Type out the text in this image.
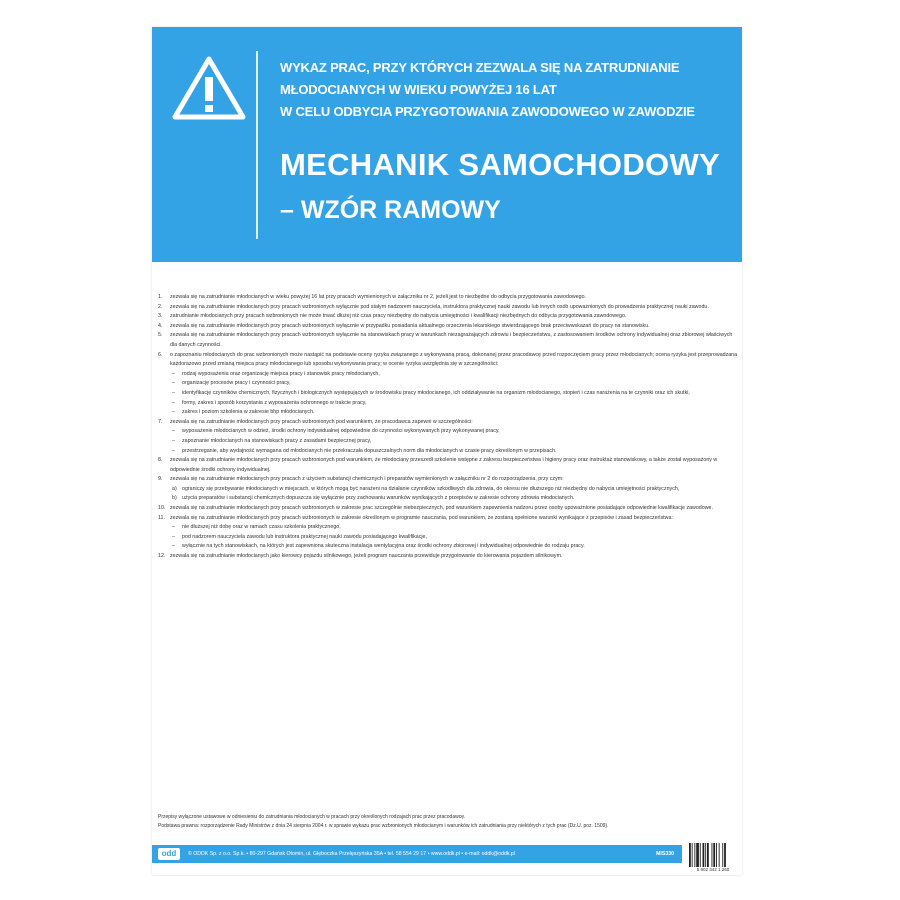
WYKAZ PRAC, PRZY KTÓRYCH ZEZWALA SIĘ NA ZATRUDNIANIE
MŁODOCIANYCH W WIEKU POWYŻEJ 16 LAT
W CELU ODBYCIA PRZYGOTOWANIA ZAWODOWEGO W ZAWODZIE
MECHANIK SAMOCHODOWY
– WZÓR RAMOWY
1. zezwala się na zatrudnianie młodocianych w wieku powyżej 16 lat przy pracach wymienionych w załączniku nr 2, jeżeli jest to niezbędne do odbycia przygotowania zawodowego.
2. zezwala się na zatrudnianie młodocianych przy pracach wzbronionych wyłącznie pod stałym nadzorem nauczyciela, instruktora praktycznej nauki zawodu lub innych osób upoważnionych do prowadzenia praktycznej nauki zawodu.
3. zatrudnianie młodocianych przy pracach wzbronionych nie może trwać dłużej niż czas pracy niezbędny do nabycia umiejętności i kwalifikacji niezbędnych do odbycia przygotowania zawodowego.
4. zezwala się na zatrudnianie młodocianych przy pracach wzbronionych wyłącznie w przypadku posiadania aktualnego orzeczenia lekarskiego stwierdzającego brak przeciwwskazań do pracy na stanowisku.
5. zezwala się na zatrudnianie młodocianych przy pracach wzbronionych wyłącznie na stanowiskach pracy w warunkach niezagrażających zdrowiu i bezpieczeństwu, z zastosowaniem środków ochrony indywidualnej oraz zbiorowej właściwych dla danych czynności.
6. o zapoznaniu młodocianych do prac wzbronionych może nastąpić na podstawie oceny ryzyka związanego z wykonywaną pracą, dokonanej przez pracodawcę przed rozpoczęciem pracy przez młodocianych; ocena ryzyka jest przeprowadzana każdorazowo przed zmianą miejsca pracy młodocianego lub sposobu wykonywania pracy; w ocenie ryzyka uwzględnia się w szczególności:
– rodzaj wyposażenia oraz organizację miejsca pracy i stanowisk pracy młodocianych,
– organizację procesów pracy i czynności pracy,
– identyfikację czynników chemicznych, fizycznych i biologicznych występujących w środowisku pracy młodocianego, ich oddziaływanie na organizm młodocianego, stopień i czas narażenia na te czynniki oraz ich skutki,
– formy, zakres i sposób korzystania z wyposażenia ochronnego w trakcie pracy,
– zakres i poziom szkolenia w zakresie bhp młodocianych.
7. zezwala się na zatrudnianie młodocianych przy pracach wzbronionych pod warunkiem, że pracodawca zapewni w szczególności:
– wyposażenie młodocianych w odzież, środki ochrony indywidualnej odpowiednie do czynności wykonywanych przy wykonywanej pracy,
– zapoznanie młodocianych na stanowiskach pracy z zasadami bezpiecznej pracy,
– przestrzeganie, aby wydajność wymagana od młodocianych nie przekraczała dopuszczalnych norm dla młodocianych w czasie pracy określonym w przepisach.
8. zezwala się na zatrudnianie młodocianych przy pracach wzbronionych pod warunkiem, że młodociany przeszedł szkolenie wstępne z zakresu bezpieczeństwa i higieny pracy oraz instruktaż stanowiskowy, a także został wyposażony w odpowiednie środki ochrony indywidualnej.
9. zezwala się na zatrudnianie młodocianych przy pracach z użyciem substancji chemicznych i preparatów wymienionych w załączniku nr 2 do rozporządzenia, przy czym:
a) ograniczy się przebywanie młodocianych w miejscach, w których mogą być narażeni na działanie czynników szkodliwych dla zdrowia, do okresu nie dłuższego niż niezbędny do nabycia umiejętności praktycznych,
b) użycia preparatów i substancji chemicznych dopuszcza się wyłącznie przy zachowaniu warunków wynikających z przepisów w zakresie ochrony zdrowia młodocianych.
10. zezwala się na zatrudnianie młodocianych przy pracach wzbronionych w zakresie prac szczególnie niebezpiecznych, pod warunkiem zapewnienia nadzoru przez osoby upoważnione posiadające odpowiednie kwalifikacje zawodowe.
11. zezwala się na zatrudnianie młodocianych przy pracach wzbronionych w zakresie określonym w programie nauczania, pod warunkiem, że zostaną spełnione warunki wynikające z przepisów i zasad bezpieczeństwa:
– nie dłuższej niż dobę oraz w ramach czasu szkolenia praktycznego,
– pod nadzorem nauczyciela zawodu lub instruktora praktycznej nauki zawodu posiadającego kwalifikacje,
– wyłącznie na tych stanowiskach, na których jest zapewniona skuteczna instalacja wentylacyjna oraz środki ochrony zbiorowej i indywidualnej odpowiednie do rodzaju pracy.
12. zezwala się na zatrudnianie młodocianych jako kierowcy pojazdu silnikowego, jeżeli program nauczania przewiduje przygotowanie do kierowania pojazdem silnikowym.
Przepisy wyłączone ustawowe w odniesieniu do zatrudniania młodocianych w pracach przy określonych rodzajach prac przez pracodawcę.
Podstawa prawna: rozporządzenie Rady Ministrów z dnia 24 sierpnia 2004 r. w sprawie wykazu prac wzbronionych młodocianym i warunków ich zatrudniania przy niektórych z tych prac (Dz.U. poz. 1509).
odd	© ODDK Sp. z o.o. Sp.k. • 80-297 Gdańsk Otomin, ul. Głęboczka Przelęszyńska 35A • tel. 58 554 29 17 • www.oddk.pl • e-mail: oddk@oddk.pl	MIS330
5 902 342 1 260
